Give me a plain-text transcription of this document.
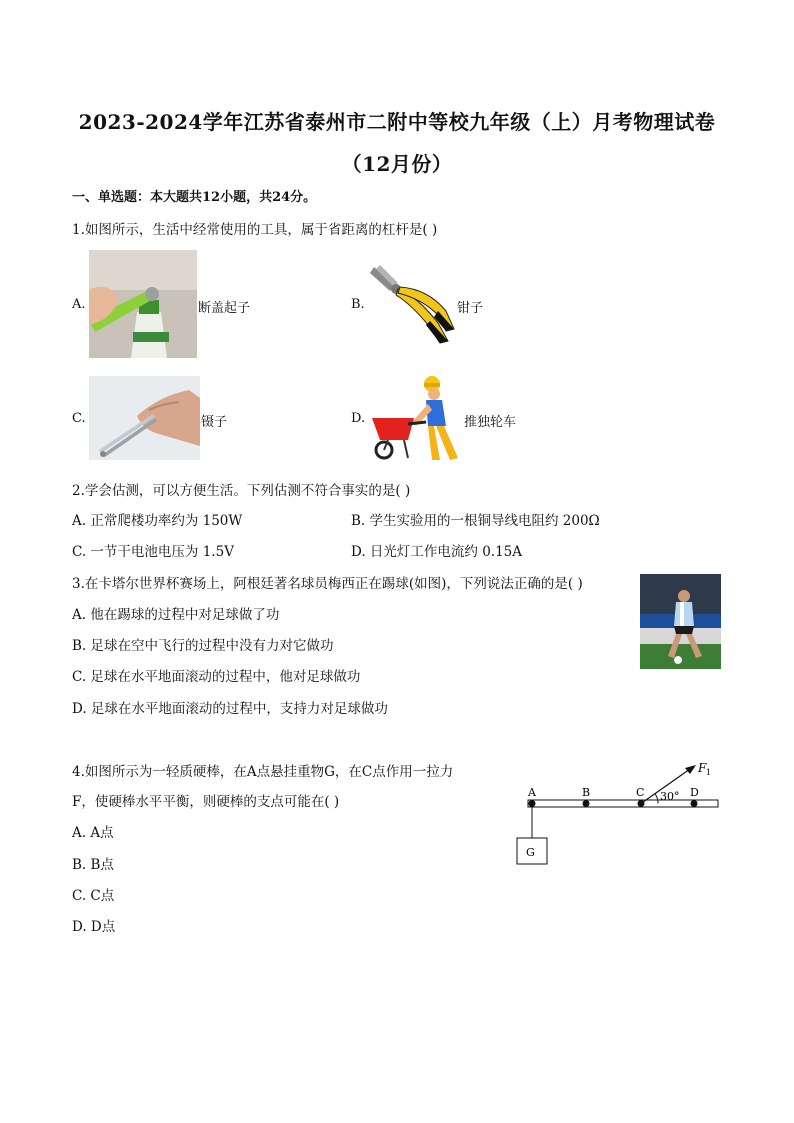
2023-2024学年江苏省泰州市二附中等校九年级（上）月考物理试卷
（12月份）
一、单选题：本大题共12小题，共24分。
1.如图所示，生活中经常使用的工具，属于省距离的杠杆是( )
A.	断盖起子	B.	钳子
C.	镊子	D.	推独轮车
2.学会估测，可以方便生活。下列估测不符合事实的是( )
A. 正常爬楼功率约为 150W	B. 学生实验用的一根铜导线电阻约 200Ω
C. 一节干电池电压为 1.5V	D. 日光灯工作电流约 0.15A
3.在卡塔尔世界杯赛场上，阿根廷著名球员梅西正在踢球(如图)，下列说法正确的是( )
A. 他在踢球的过程中对足球做了功
B. 足球在空中飞行的过程中没有力对它做功
C. 足球在水平地面滚动的过程中，他对足球做功
D. 足球在水平地面滚动的过程中，支持力对足球做功
4.如图所示为一轻质硬棒，在A点悬挂重物G，在C点作用一拉力
F，使硬棒水平平衡，则硬棒的支点可能在( )
A. A点
B. B点
C. C点
D. D点
A	B	C	D
G
30°
F 1
